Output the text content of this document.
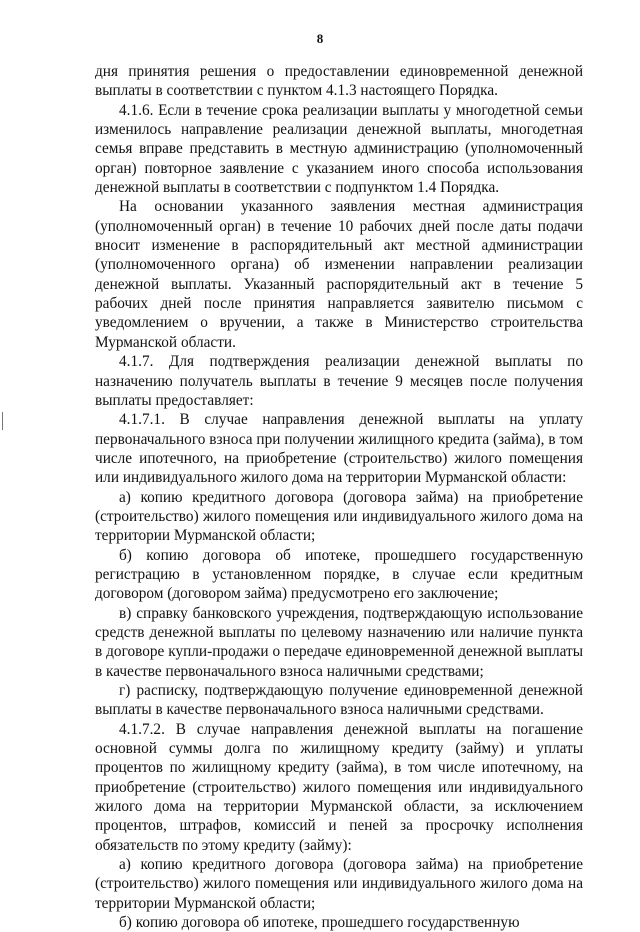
8

дня принятия решения о предоставлении единовременной денежной выплаты в соответствии с пунктом 4.1.3 настоящего Порядка.

4.1.6. Если в течение срока реализации выплаты у многодетной семьи изменилось направление реализации денежной выплаты, многодетная семья вправе представить в местную администрацию (уполномоченный орган) повторное заявление с указанием иного способа использования денежной выплаты в соответствии с подпунктом 1.4 Порядка.

На основании указанного заявления местная администрация (уполномоченный орган) в течение 10 рабочих дней после даты подачи вносит изменение в распорядительный акт местной администрации (уполномоченного органа) об изменении направлении реализации денежной выплаты. Указанный распорядительный акт в течение 5 рабочих дней после принятия направляется заявителю письмом с уведомлением о вручении, а также в Министерство строительства Мурманской области.

4.1.7. Для подтверждения реализации денежной выплаты по назначению получатель выплаты в течение 9 месяцев после получения выплаты предоставляет:

4.1.7.1. В случае направления денежной выплаты на уплату первоначального взноса при получении жилищного кредита (займа), в том числе ипотечного, на приобретение (строительство) жилого помещения или индивидуального жилого дома на территории Мурманской области:

а) копию кредитного договора (договора займа) на приобретение (строительство) жилого помещения или индивидуального жилого дома на территории Мурманской области;

б) копию договора об ипотеке, прошедшего государственную регистрацию в установленном порядке, в случае если кредитным договором (договором займа) предусмотрено его заключение;

в) справку банковского учреждения, подтверждающую использование средств денежной выплаты по целевому назначению или наличие пункта в договоре купли-продажи о передаче единовременной денежной выплаты в качестве первоначального взноса наличными средствами;

г) расписку, подтверждающую получение единовременной денежной выплаты в качестве первоначального взноса наличными средствами.

4.1.7.2. В случае направления денежной выплаты на погашение основной суммы долга по жилищному кредиту (займу) и уплаты процентов по жилищному кредиту (займа), в том числе ипотечному, на приобретение (строительство) жилого помещения или индивидуального жилого дома на территории Мурманской области, за исключением процентов, штрафов, комиссий и пеней за просрочку исполнения обязательств по этому кредиту (займу):

а) копию кредитного договора (договора займа) на приобретение (строительство) жилого помещения или индивидуального жилого дома на территории Мурманской области;

б) копию договора об ипотеке, прошедшего государственную
